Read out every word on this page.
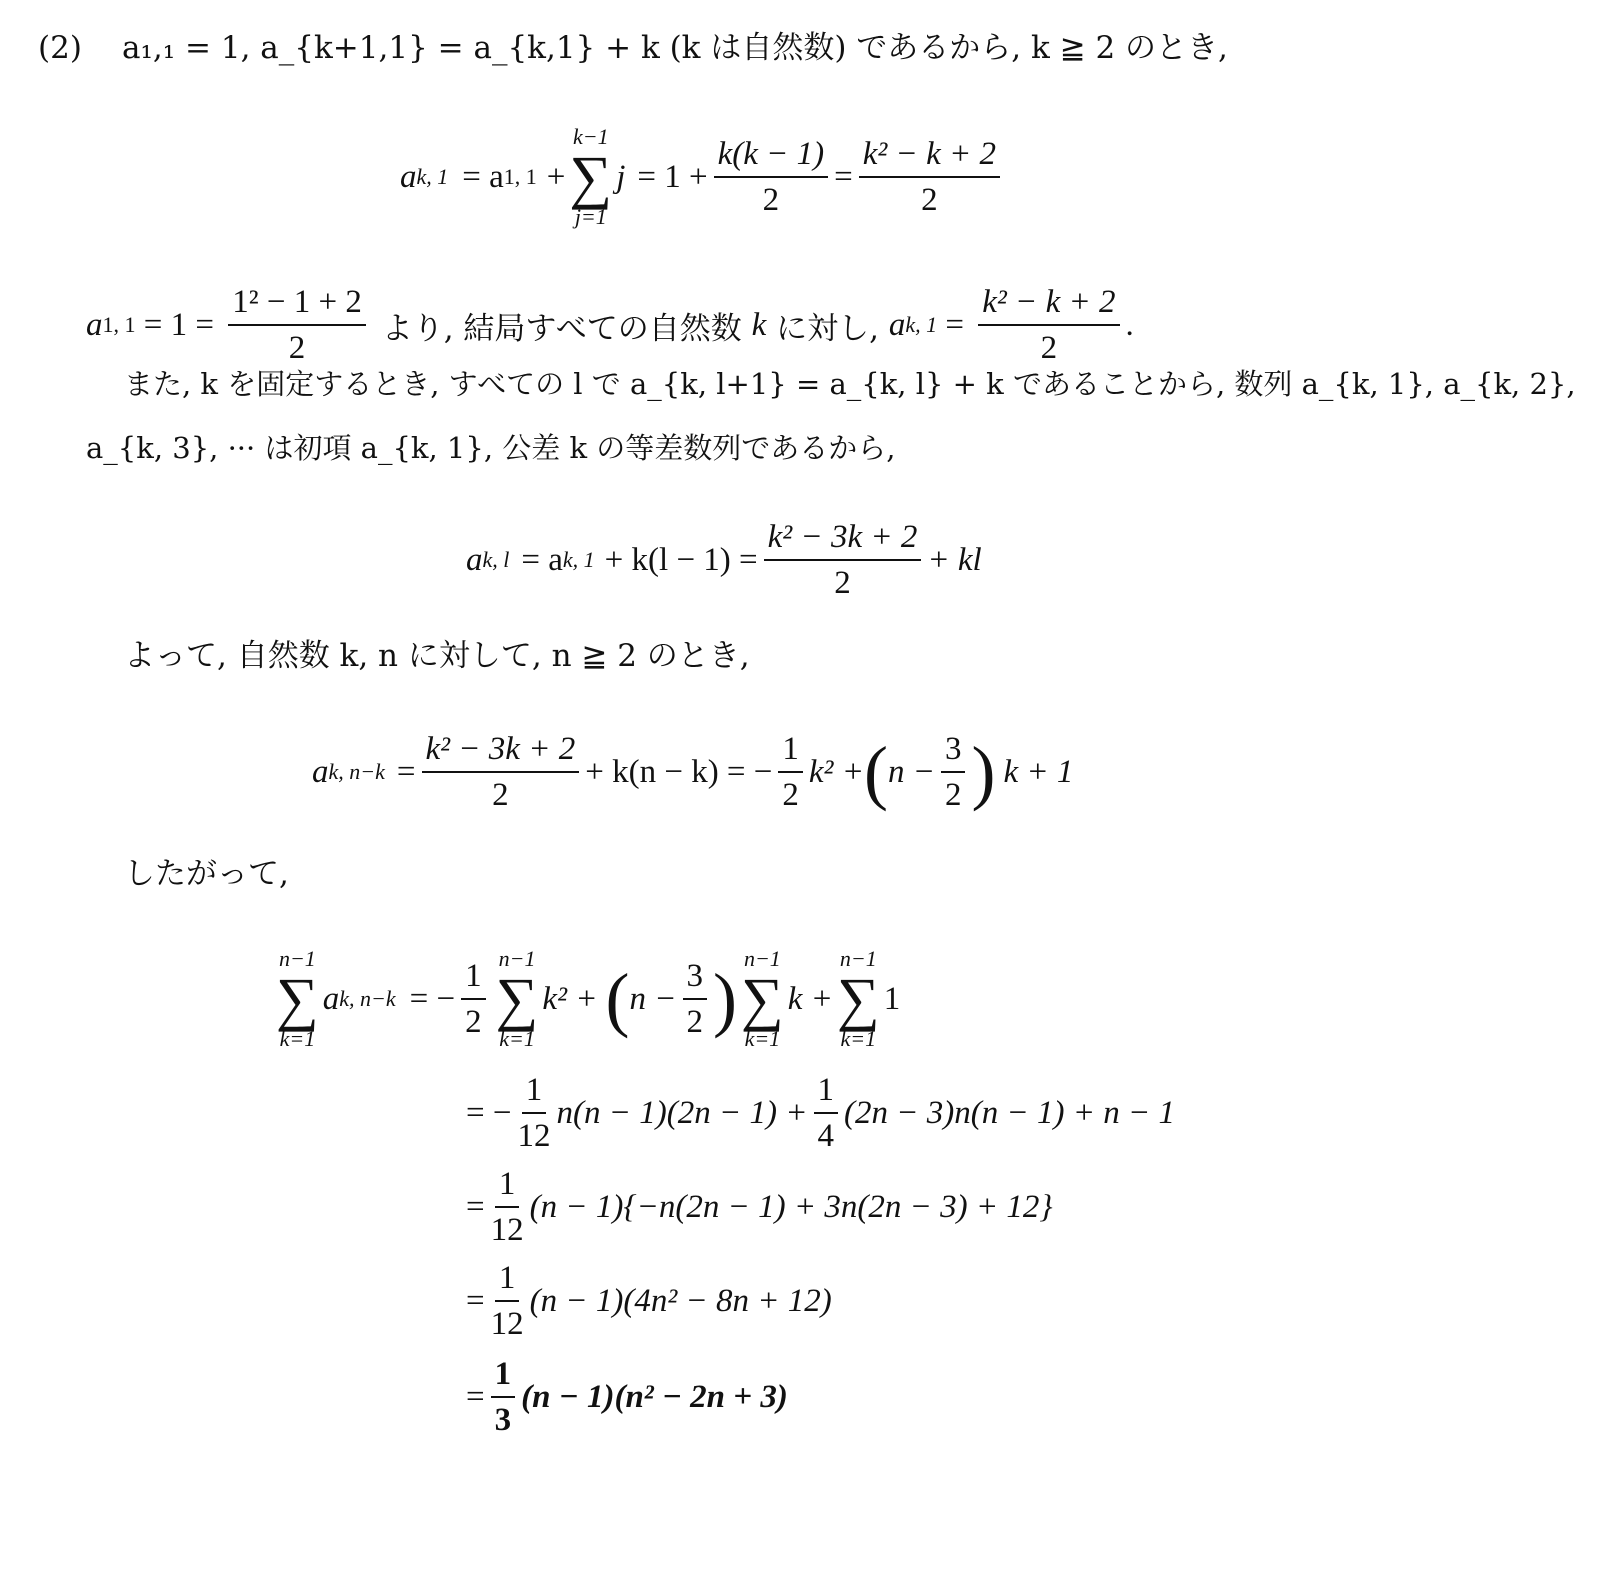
(2) a₁,₁ = 1, a_{k+1,1} = a_{k,1} + k (k は自然数) であるから, k ≧ 2 のとき,
a k, 1 = a 1, 1 +
k−1
∑
j=1
$j = 1 + \frac{k(k - 1)}{2} = \frac{\text{k² − k + 2}}{2}$
a 1, $1 = 1 = \frac{\text{1² − 1 + 2}}{2}$ より, 結局すべての自然数 k に対し, a k, $1 = \frac{\text{k² − k + 2}}{2}$ .
また, k を固定するとき, すべての l で a_{k, l+1} = a_{k, l} + k であることから, 数列 a_{k, 1}, a_{k, 2},
a_{k, 3}, ··· は初項 a_{k, 1}, 公差 k の等差数列であるから,
a k, l = a k, $1 + k(l - 1) = \frac{\text{k² − 3k + 2}}{2}$ + kl
よって, 自然数 k, n に対して, n ≧ 2 のとき,
a k, $n-k = \frac{\text{k² − 3k + 2}}{2} + k(n - k)$ = − $\frac{1}{2} k^2$ + ( $n - \frac{3}{2}$ ) k + 1
したがって,
n−1
∑
k=1
a k, n−k = − $\frac{1}{2} n-1$
∑
k=1
k² + ( $n - \frac{3}{2}$ )
n−1
∑
k=1
k +
n−1
∑
k=1
1
= − $\frac{1}{12} n(n - 1)(2n - 1) + \frac{1}{4} (2n - 3)n(n - 1) + n - 1$
= $\frac{1}{12} (n - 1)\{-n(2n - 1) + 3n(2n - 3) + 12\}$
= $\frac{1}{12} (n - 1)(4n^2 - 8n + 12)$
= $\frac{1}{3} (n - 1)(n^2 - 2n + 3)$
